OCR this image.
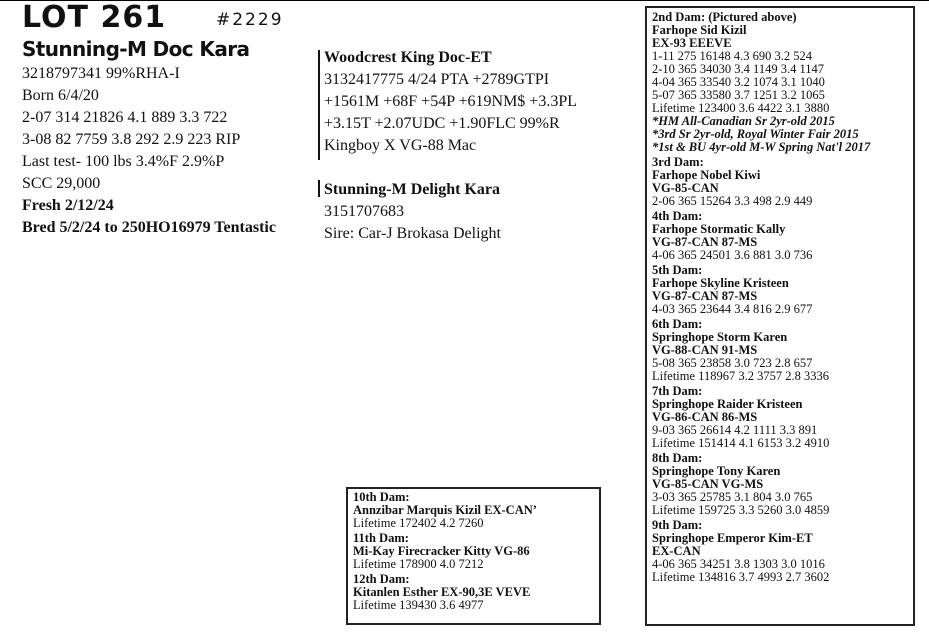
LOT 261	#2229
Stunning-M Doc Kara
3218797341 99%RHA-I
Born 6/4/20
2-07 314 21826 4.1 889 3.3 722
3-08 82 7759 3.8 292 2.9 223 RIP
Last test- 100 lbs 3.4%F 2.9%P
SCC 29,000
Fresh 2/12/24
Bred 5/2/24 to 250HO16979 Tentastic
Woodcrest King Doc-ET
3132417775 4/24 PTA +2789GTPI
+1561M +68F +54P +619NM$ +3.3PL
+3.15T +2.07UDC +1.90FLC 99%R
Kingboy X VG-88 Mac
Stunning-M Delight Kara
3151707683
Sire: Car-J Brokasa Delight
2nd Dam: (Pictured above)
Farhope Sid Kizil
EX-93 EEEVE
1-11 275 16148 4.3 690 3.2 524
2-10 365 34030 3.4 1149 3.4 1147
4-04 365 33540 3.2 1074 3.1 1040
5-07 365 33580 3.7 1251 3.2 1065
Lifetime 123400 3.6 4422 3.1 3880
*HM All-Canadian Sr 2yr-old 2015
*3rd Sr 2yr-old, Royal Winter Fair 2015
*1st & BU 4yr-old M-W Spring Nat'l 2017
3rd Dam:
Farhope Nobel Kiwi
VG-85-CAN
2-06 365 15264 3.3 498 2.9 449
4th Dam:
Farhope Stormatic Kally
VG-87-CAN 87-MS
4-06 365 24501 3.6 881 3.0 736
5th Dam:
Farhope Skyline Kristeen
VG-87-CAN 87-MS
4-03 365 23644 3.4 816 2.9 677
6th Dam:
Springhope Storm Karen
VG-88-CAN 91-MS
5-08 365 23858 3.0 723 2.8 657
Lifetime 118967 3.2 3757 2.8 3336
7th Dam:
Springhope Raider Kristeen
VG-86-CAN 86-MS
9-03 365 26614 4.2 1111 3.3 891
Lifetime 151414 4.1 6153 3.2 4910
8th Dam:
Springhope Tony Karen
VG-85-CAN VG-MS
3-03 365 25785 3.1 804 3.0 765
Lifetime 159725 3.3 5260 3.0 4859
9th Dam:
Springhope Emperor Kim-ET
EX-CAN
4-06 365 34251 3.8 1303 3.0 1016
Lifetime 134816 3.7 4993 2.7 3602
10th Dam:
Annzibar Marquis Kizil EX-CAN’
Lifetime 172402 4.2 7260
11th Dam:
Mi-Kay Firecracker Kitty VG-86
Lifetime 178900 4.0 7212
12th Dam:
Kitanlen Esther EX-90,3E VEVE
Lifetime 139430 3.6 4977
